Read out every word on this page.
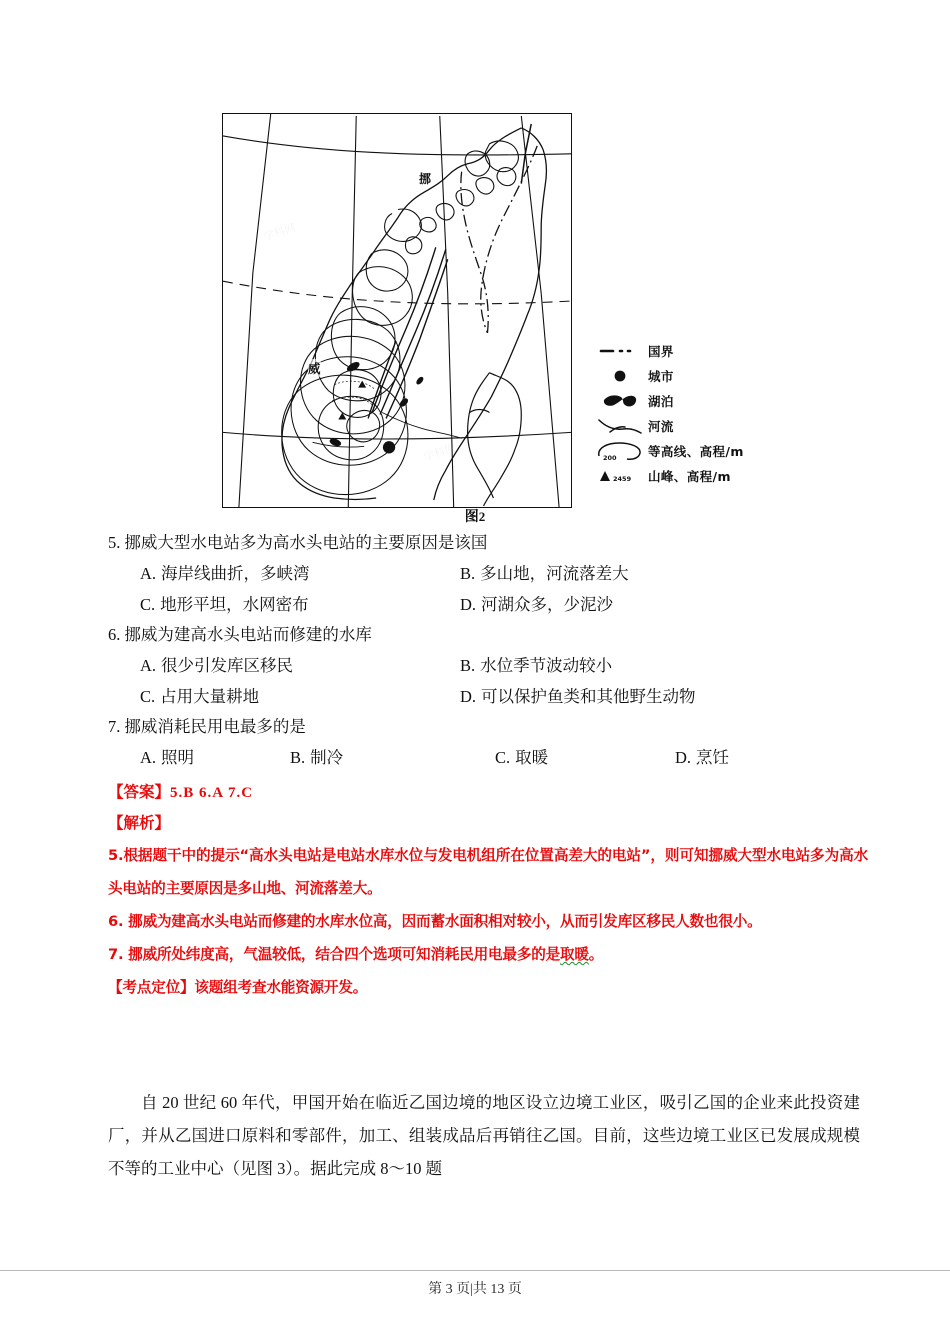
挪
威
学科网
学科网
国界
城市
湖泊
河流
200	等高线、高程/m
2459 山峰、高程/m
图2
5. 挪威大型水电站多为高水头电站的主要原因是该国
A. 海岸线曲折，多峡湾	B. 多山地，河流落差大
C. 地形平坦，水网密布	D. 河湖众多，少泥沙
6. 挪威为建高水头电站而修建的水库
A. 很少引发库区移民	B. 水位季节波动较小
C. 占用大量耕地	D. 可以保护鱼类和其他野生动物
7. 挪威消耗民用电最多的是
A. 照明	B. 制冷	C. 取暖	D. 烹饪
【答案】5.B 6.A 7.C
【解析】
5.根据题干中的提示“高水头电站是电站水库水位与发电机组所在位置高差大的电站”，则可知挪威大型水电站多为高水头电站的主要原因是多山地、河流落差大。
6. 挪威为建高水头电站而修建的水库水位高，因而蓄水面积相对较小，从而引发库区移民人数也很小。
7. 挪威所处纬度高，气温较低，结合四个选项可知消耗民用电最多的是取暖。
【考点定位】该题组考查水能资源开发。
自 20 世纪 60 年代，甲国开始在临近乙国边境的地区设立边境工业区，吸引乙国的企业来此投资建厂，并从乙国进口原料和零部件，加工、组装成品后再销往乙国。目前，这些边境工业区已发展成规模不等的工业中心（见图 3）。据此完成 8～10 题
第 3 页|共 13 页
